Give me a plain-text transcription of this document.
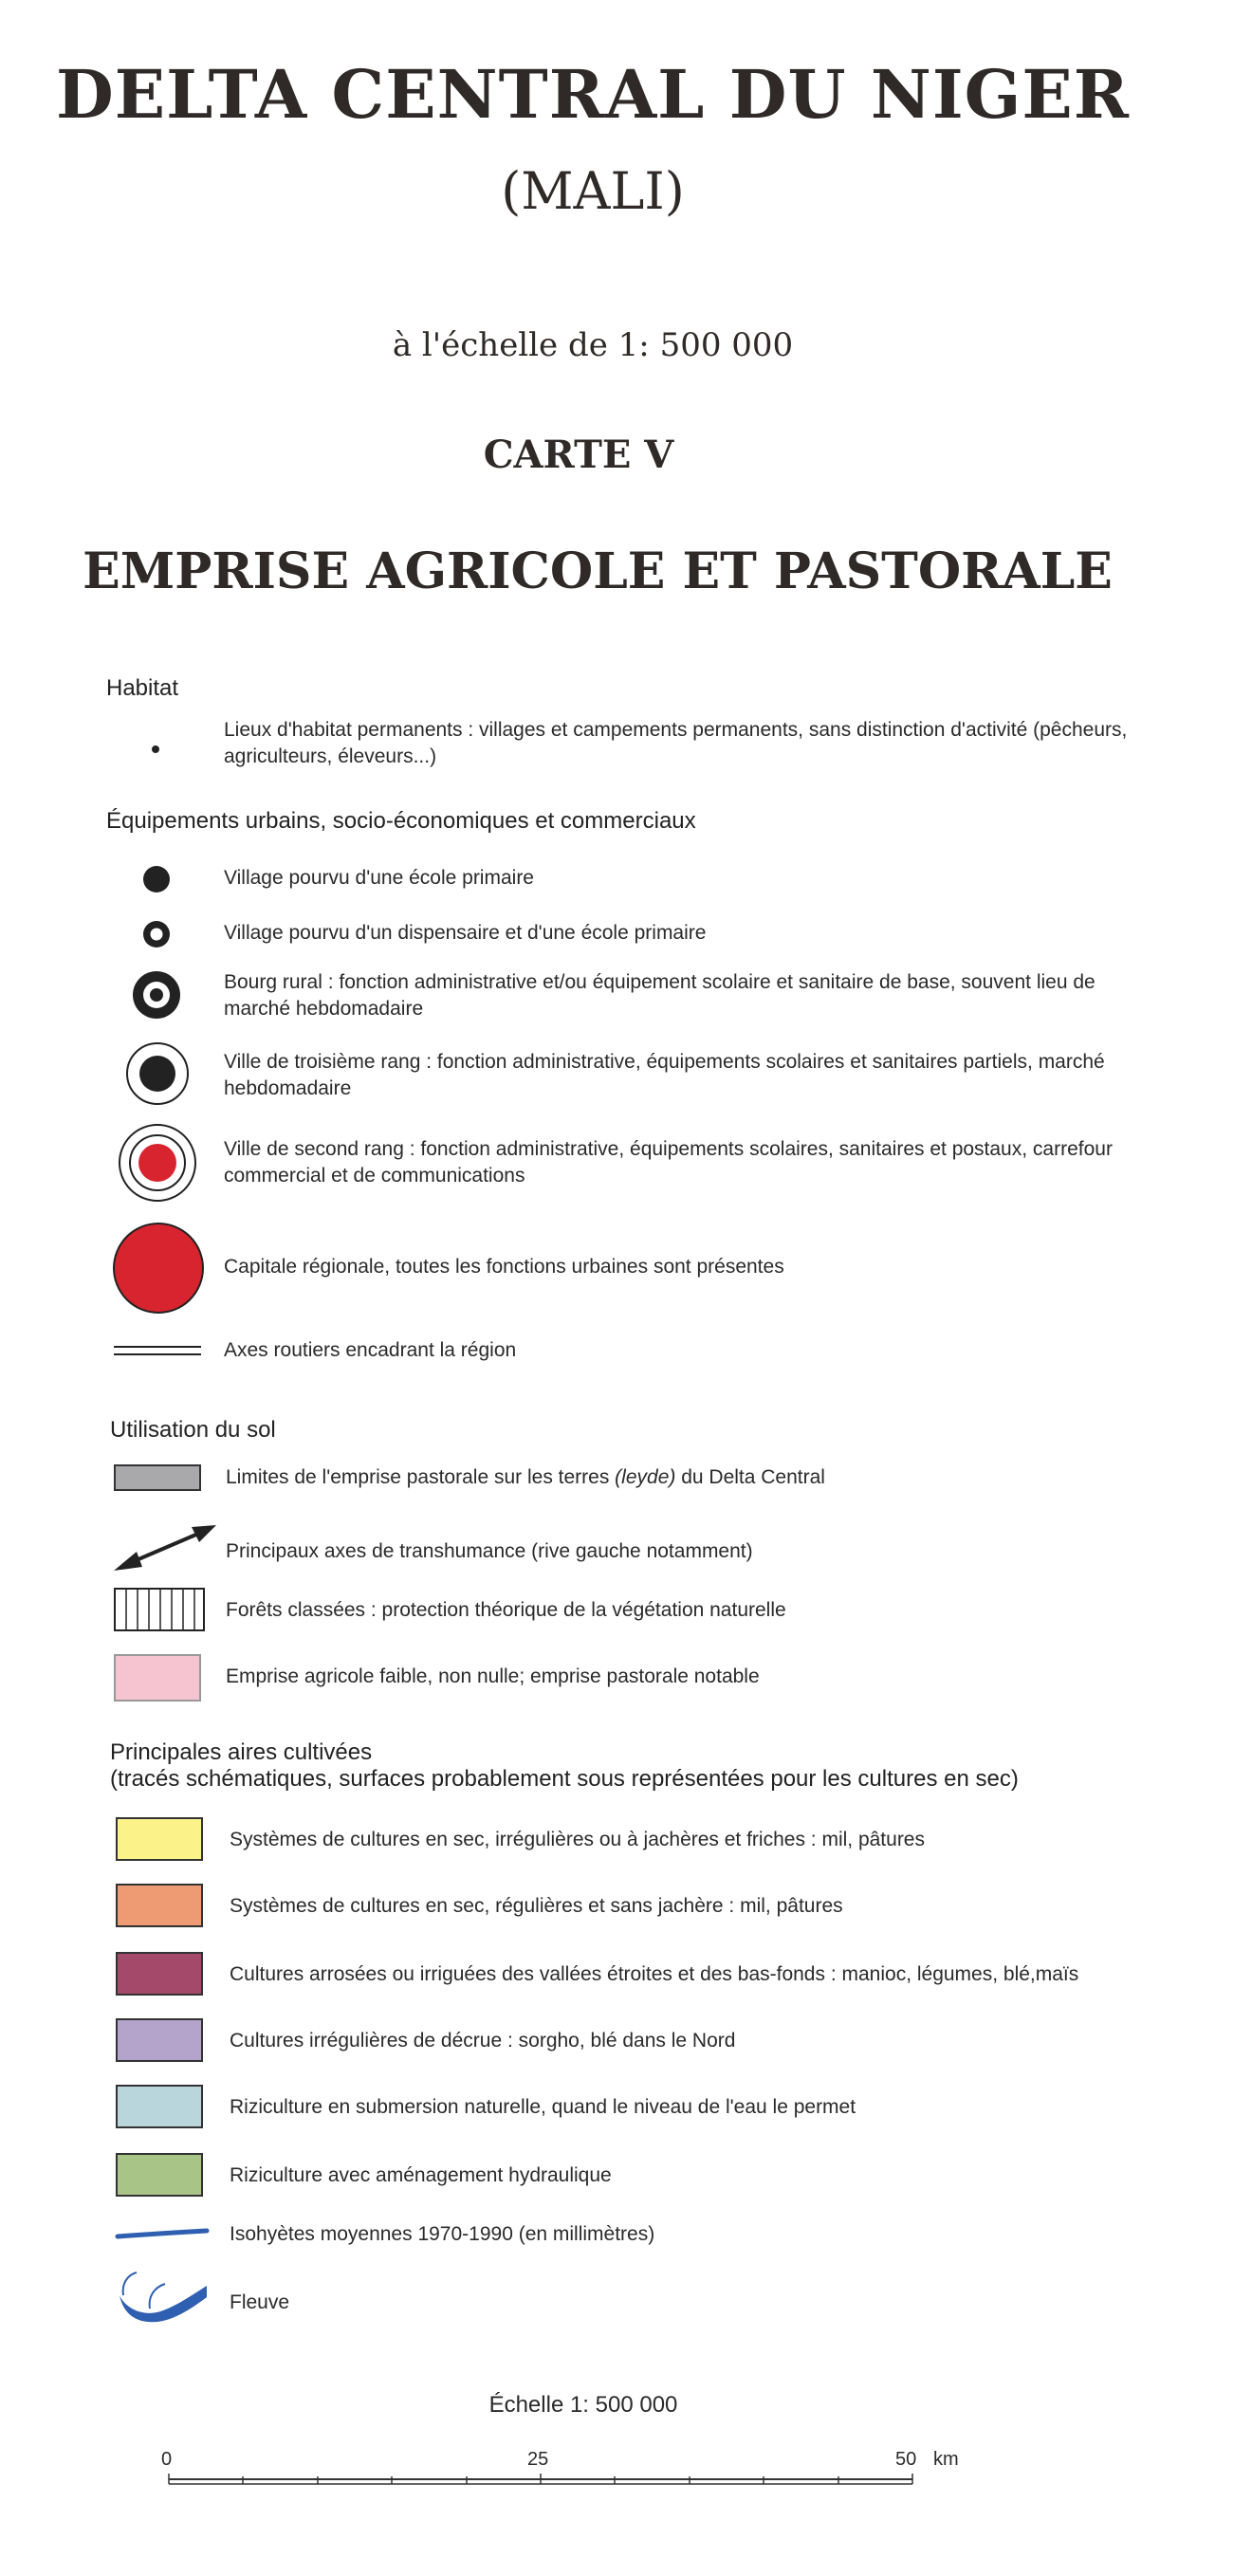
DELTA CENTRAL DU NIGER
(MALI)
à l'échelle de 1: 500 000
CARTE V
EMPRISE AGRICOLE ET PASTORALE
Habitat
Lieux d'habitat permanents : villages et campements permanents, sans distinction d'activité (pêcheurs, agriculteurs, éleveurs...)
Équipements urbains, socio-économiques et commerciaux
Village pourvu d'une école primaire
Village pourvu d'un dispensaire et d'une école primaire
Bourg rural : fonction administrative et/ou équipement scolaire et sanitaire de base, souvent lieu de marché hebdomadaire
Ville de troisième rang : fonction administrative, équipements scolaires et sanitaires partiels, marché hebdomadaire
Ville de second rang : fonction administrative, équipements scolaires, sanitaires et postaux, carrefour commercial et de communications
Capitale régionale, toutes les fonctions urbaines sont présentes
Axes routiers encadrant la région
Utilisation du sol
Limites de l'emprise pastorale sur les terres (leyde) du Delta Central
Principaux axes de transhumance (rive gauche notamment)
Forêts classées : protection théorique de la végétation naturelle
Emprise agricole faible, non nulle; emprise pastorale notable
Principales aires cultivées
(tracés schématiques, surfaces probablement sous représentées pour les cultures en sec)
Systèmes de cultures en sec, irrégulières ou à jachères et friches : mil, pâtures
Systèmes de cultures en sec, régulières et sans jachère : mil, pâtures
Cultures arrosées ou irriguées des vallées étroites et des bas-fonds : manioc, légumes, blé,maïs
Cultures irrégulières de décrue : sorgho, blé dans le Nord
Riziculture en submersion naturelle, quand le niveau de l'eau le permet
Riziculture avec aménagement hydraulique
Isohyètes moyennes 1970-1990 (en millimètres)
Fleuve
Échelle 1: 500 000
0	25	50 km
